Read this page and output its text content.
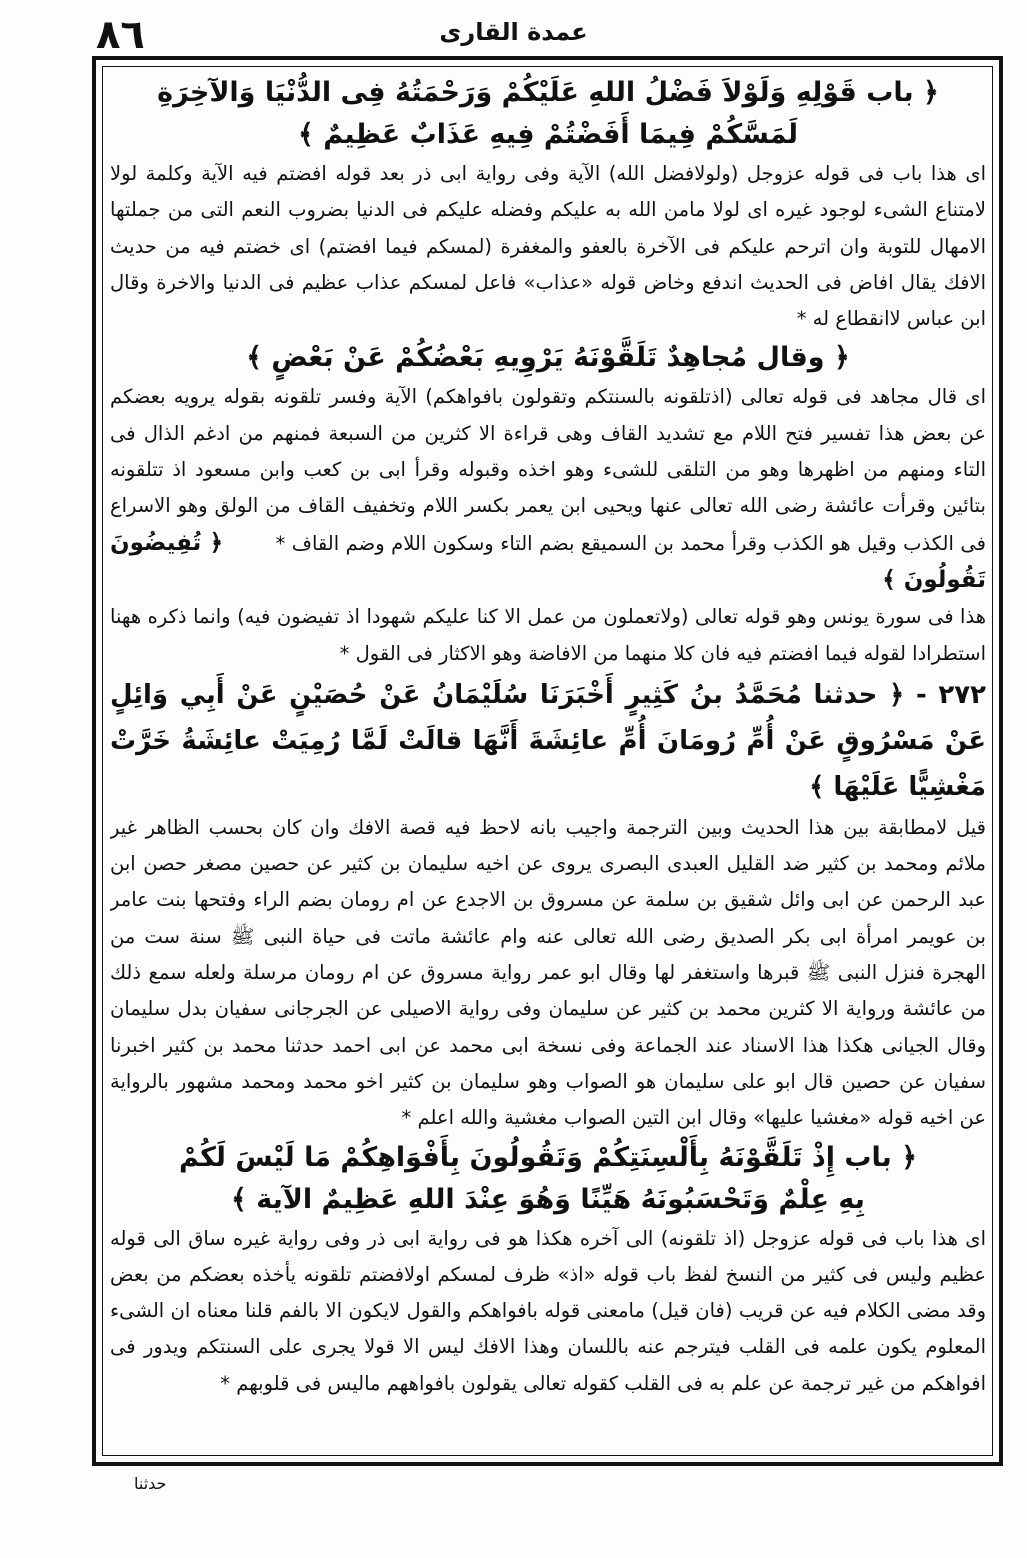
٨٦	عمدة القاری

﴿ باب قَوْلِهِ وَلَوْلاَ فَضْلُ اللهِ عَلَيْكُمْ وَرَحْمَتُهُ فِى الدُّنْيَا وَالآخِرَةِ لَمَسَّكُمْ فِيمَا أَفَضْتُمْ فِيهِ عَذَابٌ عَظِيمٌ ﴾

ای هذا باب فی قوله عزوجل (ولولافضل الله) الآیة وفی روایة ابی ذر بعد قوله افضتم فیه الآیة وکلمة لولا لامتناع الشیء لوجود غیره ای لولا مامن الله به علیکم وفضله علیکم فی الدنیا بضروب النعم التی من جملتها الامهال للتوبة وان اترحم علیکم فی الآخرة بالعفو والمغفرة (لمسکم فیما افضتم) ای خضتم فیه من حدیث الافك یقال افاض فی الحدیث اندفع وخاض قوله «عذاب» فاعل لمسکم عذاب عظیم فی الدنیا والاخرة وقال ابن عباس لاانقطاع له *

﴿ وقال مُجاهِدٌ تَلَقَّوْنَهُ يَرْوِيهِ بَعْضُكُمْ عَنْ بَعْضٍ ﴾

ای قال مجاهد فی قوله تعالی (اذتلقونه بالسنتکم وتقولون بافواهکم) الآیة وفسر تلقونه بقوله یرویه بعضکم عن بعض هذا تفسیر فتح اللام مع تشدید القاف وهی قراءة الا کثرین من السبعة فمنهم من ادغم الذال فی التاء ومنهم من اظهرها وهو من التلقی للشیء وهو اخذه وقبوله وقرأ ابی بن کعب وابن مسعود اذ تتلقونه بتائین وقرأت عائشة رضی الله تعالی عنها ویحیی ابن یعمر بکسر اللام وتخفیف القاف من الولق وهو الاسراع فی الکذب وقیل هو الکذب وقرأ محمد بن السمیقع بضم التاء وسکون اللام وضم القاف *        ﴿ تُفِيضُونَ تَقُولُونَ ﴾

هذا فی سورة یونس وهو قوله تعالی (ولاتعملون من عمل الا کنا علیکم شهودا اذ تفیضون فیه) وانما ذکره ههنا استطرادا لقوله فیما افضتم فیه فان کلا منهما من الافاضة وهو الاکثار فی القول *

٢٧٢ - ﴿ حدثنا مُحَمَّدُ بنُ كَثِيرٍ أَخْبَرَنَا سُلَيْمَانُ عَنْ حُصَيْنٍ عَنْ أَبِي وَائِلٍ عَنْ مَسْرُوقٍ عَنْ أُمِّ رُومَانَ أُمِّ عائِشَةَ أَنَّهَا قالَتْ لَمَّا رُمِيَتْ عائِشَةُ خَرَّتْ مَغْشِيًّا عَلَيْهَا ﴾

قیل لامطابقة بین هذا الحدیث وبین الترجمة واجیب بانه لاحظ فیه قصة الافك وان کان بحسب الظاهر غیر ملائم ومحمد بن کثیر ضد القلیل العبدی البصری یروی عن اخیه سلیمان بن کثیر عن حصین مصغر حصن ابن عبد الرحمن عن ابی وائل شقیق بن سلمة عن مسروق بن الاجدع عن ام رومان بضم الراء وفتحها بنت عامر بن عویمر امرأة ابی بکر الصدیق رضی الله تعالی عنه وام عائشة ماتت فی حیاة النبی ﷺ سنة ست من الهجرة فنزل النبی ﷺ قبرها واستغفر لها وقال ابو عمر روایة مسروق عن ام رومان مرسلة ولعله سمع ذلك من عائشة وروایة الا کثرین محمد بن کثیر عن سلیمان وفی روایة الاصیلی عن الجرجانی سفیان بدل سلیمان وقال الجیانی هکذا هذا الاسناد عند الجماعة وفی نسخة ابی محمد عن ابی احمد حدثنا محمد بن کثیر اخبرنا سفیان عن حصین قال ابو علی سلیمان هو الصواب وهو سلیمان بن کثیر اخو محمد ومحمد مشهور بالروایة عن اخیه قوله «مغشیا علیها» وقال ابن التین الصواب مغشیة والله اعلم *

﴿ باب إِذْ تَلَقَّوْنَهُ بِأَلْسِنَتِكُمْ وَتَقُولُونَ بِأَفْوَاهِكُمْ مَا لَيْسَ لَكُمْ

بِهِ عِلْمٌ وَتَحْسَبُونَهُ هَيِّنًا وَهُوَ عِنْدَ اللهِ عَظِيمٌ الآية ﴾

ای هذا باب فی قوله عزوجل (اذ تلقونه) الی آخره هکذا هو فی روایة ابی ذر وفی روایة غیره ساق الی قوله عظیم ولیس فی کثیر من النسخ لفظ باب قوله «اذ» ظرف لمسکم اولافضتم تلقونه یأخذه بعضکم من بعض وقد مضی الکلام فیه عن قریب (فان قیل) مامعنی قوله بافواهکم والقول لایکون الا بالفم قلنا معناه ان الشیء المعلوم یکون علمه فی القلب فیترجم عنه باللسان وهذا الافك لیس الا قولا یجری علی السنتکم ویدور فی افواهکم من غیر ترجمة عن علم به فی القلب کقوله تعالی یقولون بافواههم مالیس فی قلوبهم *

حدثنا
